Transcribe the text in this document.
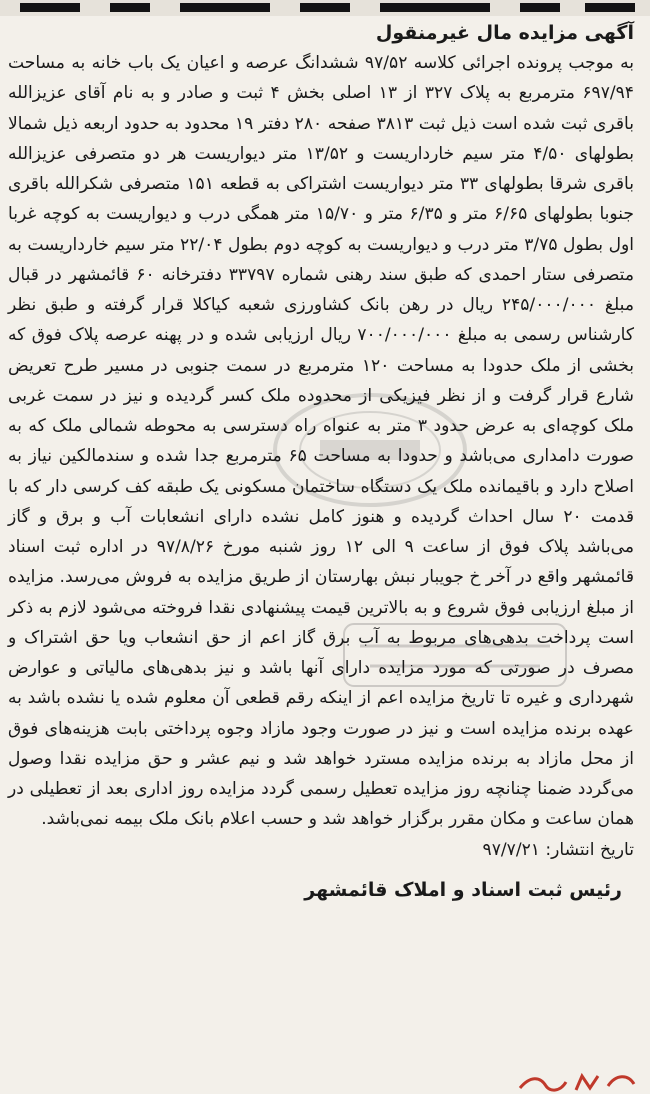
آگهی مزایده مال غیرمنقول
به موجب پرونده اجرائی کلاسه ۹۷/۵۲ ششدانگ عرصه و اعیان یک باب خانه به مساحت ۶۹۷/۹۴ مترمربع به پلاک ۳۲۷ از ۱۳ اصلی بخش ۴ ثبت و صادر و به نام آقای عزیزالله باقری ثبت شده است ذیل ثبت ۳۸۱۳ صفحه ۲۸۰ دفتر ۱۹ محدود به حدود اربعه ذیل شمالا بطولهای ۴/۵۰ متر سیم خارداریست و ۱۳/۵۲ متر دیواریست هر دو متصرفی عزیزالله باقری شرقا بطولهای ۳۳ متر دیواریست اشتراکی به قطعه ۱۵۱ متصرفی شکرالله باقری جنوبا بطولهای ۶/۶۵ متر و ۶/۳۵ متر و ۱۵/۷۰ متر همگی درب و دیواریست به کوچه غربا اول بطول ۳/۷۵ متر درب و دیواریست به کوچه دوم بطول ۲۲/۰۴ متر سیم خارداریست به متصرفی ستار احمدی که طبق سند رهنی شماره ۳۳۷۹۷ دفترخانه ۶۰ قائمشهر در قبال مبلغ ۲۴۵/۰۰۰/۰۰۰ ریال در رهن بانک کشاورزی شعبه کیاکلا قرار گرفته و طبق نظر کارشناس رسمی به مبلغ ۷۰۰/۰۰۰/۰۰۰ ریال ارزیابی شده و در پهنه عرصه پلاک فوق که بخشی از ملک حدودا به مساحت ۱۲۰ مترمربع در سمت جنوبی در مسیر طرح تعریض شارع قرار گرفت و از نظر فیزیکی از محدوده ملک کسر گردیده و نیز در سمت غربی ملک کوچه‌ای به عرض حدود ۳ متر به عنواه راه دسترسی به محوطه شمالی ملک که به صورت دامداری می‌باشد و حدودا به مساحت ۶۵ مترمربع جدا شده و سندمالکین نیاز به اصلاح دارد و باقیمانده ملک یک دستگاه ساختمان مسکونی یک طبقه کف کرسی دار که با قدمت ۲۰ سال احداث گردیده و هنوز کامل نشده دارای انشعابات آب و برق و گاز می‌باشد پلاک فوق از ساعت ۹ الی ۱۲ روز شنبه مورخ ۹۷/۸/۲۶ در اداره ثبت اسناد قائمشهر واقع در آخر خ جویبار نبش بهارستان از طریق مزایده به فروش می‌رسد. مزایده از مبلغ ارزیابی فوق شروع و به بالاترین قیمت پیشنهادی نقدا فروخته می‌شود لازم به ذکر است پرداخت بدهی‌های مربوط به آب برق گاز اعم از حق انشعاب ویا حق اشتراک و مصرف در صورتی که مورد مزایده دارای آنها باشد و نیز بدهی‌های مالیاتی و عوارض شهرداری و غیره تا تاریخ مزایده اعم از اینکه رقم قطعی آن معلوم شده یا نشده باشد به عهده برنده مزایده است و نیز در صورت وجود مازاد وجوه پرداختی بابت هزینه‌های فوق از محل مازاد به برنده مزایده مسترد خواهد شد و نیم عشر و حق مزایده نقدا وصول می‌گردد ضمنا چنانچه روز مزایده تعطیل رسمی گردد مزایده روز اداری بعد از تعطیلی در همان ساعت و مکان مقرر برگزار خواهد شد و حسب اعلام بانک ملک بیمه نمی‌باشد.
تاریخ انتشار: ۹۷/۷/۲۱
رئیس ثبت اسناد و املاک قائمشهر
